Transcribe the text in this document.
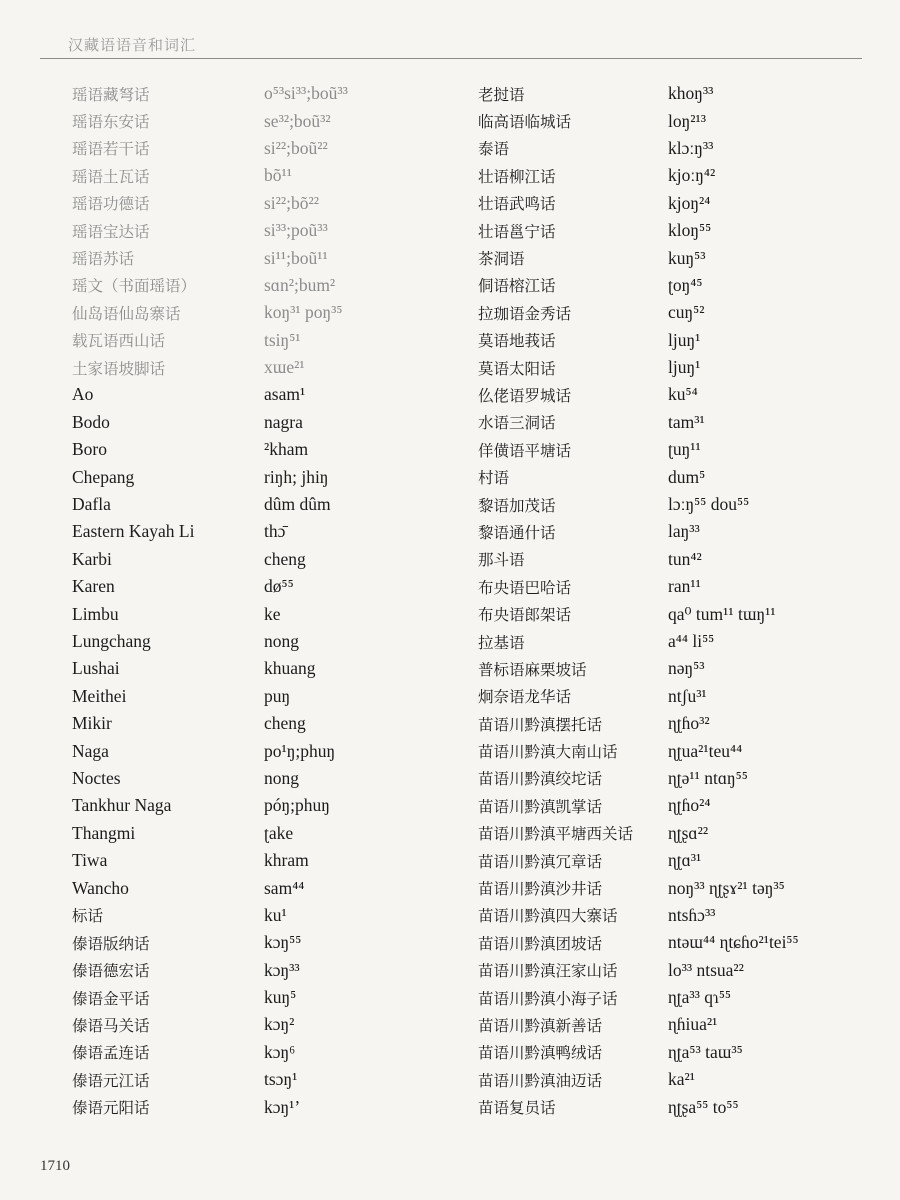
汉藏语语音和词汇
瑶语藏弩话	o⁵³si³³;boũ³³
瑶语东安话	se³²;boũ³²
瑶语若干话	si²²;boũ²²
瑶语土瓦话	bõ¹¹
瑶语功德话	si²²;bõ²²
瑶语宝达话	si³³;poũ³³
瑶语苏话	si¹¹;boũ¹¹
瑶文（书面瑶语）	sɑn²;bum²
仙岛语仙岛寨话	koŋ³¹ poŋ³⁵
载瓦语西山话	tsiŋ⁵¹
土家语坡脚话	xɯe²¹
Ao	asam¹
Bodo	nagra
Boro	²kham
Chepang	riŋh; jhiŋ
Dafla	dûm dûm
Eastern Kayah Li	thɔ̄
Karbi	cheng
Karen	dø⁵⁵
Limbu	ke
Lungchang	nong
Lushai	khuang
Meithei	puŋ
Mikir	cheng
Naga	po¹ŋ;phuŋ
Noctes	nong
Tankhur Naga	póŋ;phuŋ
Thangmi	ʈake
Tiwa	khram
Wancho	sam⁴⁴
标话	ku¹
傣语版纳话	kɔŋ⁵⁵
傣语德宏话	kɔŋ³³
傣语金平话	kuŋ⁵
傣语马关话	kɔŋ²
傣语孟连话	kɔŋ⁶
傣语元江话	tsɔŋ¹
傣语元阳话	kɔŋ¹’
老挝语	khoŋ³³
临高语临城话	loŋ²¹³
泰语	klɔːŋ³³
壮语柳江话	kjoːŋ⁴²
壮语武鸣话	kjoŋ²⁴
壮语邕宁话	kloŋ⁵⁵
茶洞语	kuŋ⁵³
侗语榕江话	ʈoŋ⁴⁵
拉珈语金秀话	cuŋ⁵²
莫语地莪话	ljuŋ¹
莫语太阳话	ljuŋ¹
仫佬语罗城话	ku⁵⁴
水语三洞话	tam³¹
佯僙语平塘话	ʈuŋ¹¹
村语	dum⁵
黎语加茂话	lɔːŋ⁵⁵ dou⁵⁵
黎语通什话	laŋ³³
那斗语	tun⁴²
布央语巴哈话	ran¹¹
布央语郎架话	qa⁰ tum¹¹ tɯŋ¹¹
拉基语	a⁴⁴ li⁵⁵
普标语麻栗坡话	nəŋ⁵³
炯奈语龙华话	ntʃu³¹
苗语川黔滇摆托话	ɳʈɦo³²
苗语川黔滇大南山话	ɳʈua²¹teu⁴⁴
苗语川黔滇绞坨话	ɳʈə¹¹ ntɑŋ⁵⁵
苗语川黔滇凯掌话	ɳʈɦo²⁴
苗语川黔滇平塘西关话	ɳʈʂɑ²²
苗语川黔滇冗章话	ɳʈɑ³¹
苗语川黔滇沙井话	noŋ³³ ɳʈʂɤ²¹ təŋ³⁵
苗语川黔滇四大寨话	ntsɦɔ³³
苗语川黔滇团坡话	ntəɯ⁴⁴ ɳtɕɦo²¹tei⁵⁵
苗语川黔滇汪家山话	lo³³ ntsua²²
苗语川黔滇小海子话	ɳʈa³³ qɿ⁵⁵
苗语川黔滇新善话	ɳɦiua²¹
苗语川黔滇鸭绒话	ɳʈa⁵³ taɯ³⁵
苗语川黔滇油迈话	ka²¹
苗语复员话	ɳʈʂa⁵⁵ to⁵⁵
1710
